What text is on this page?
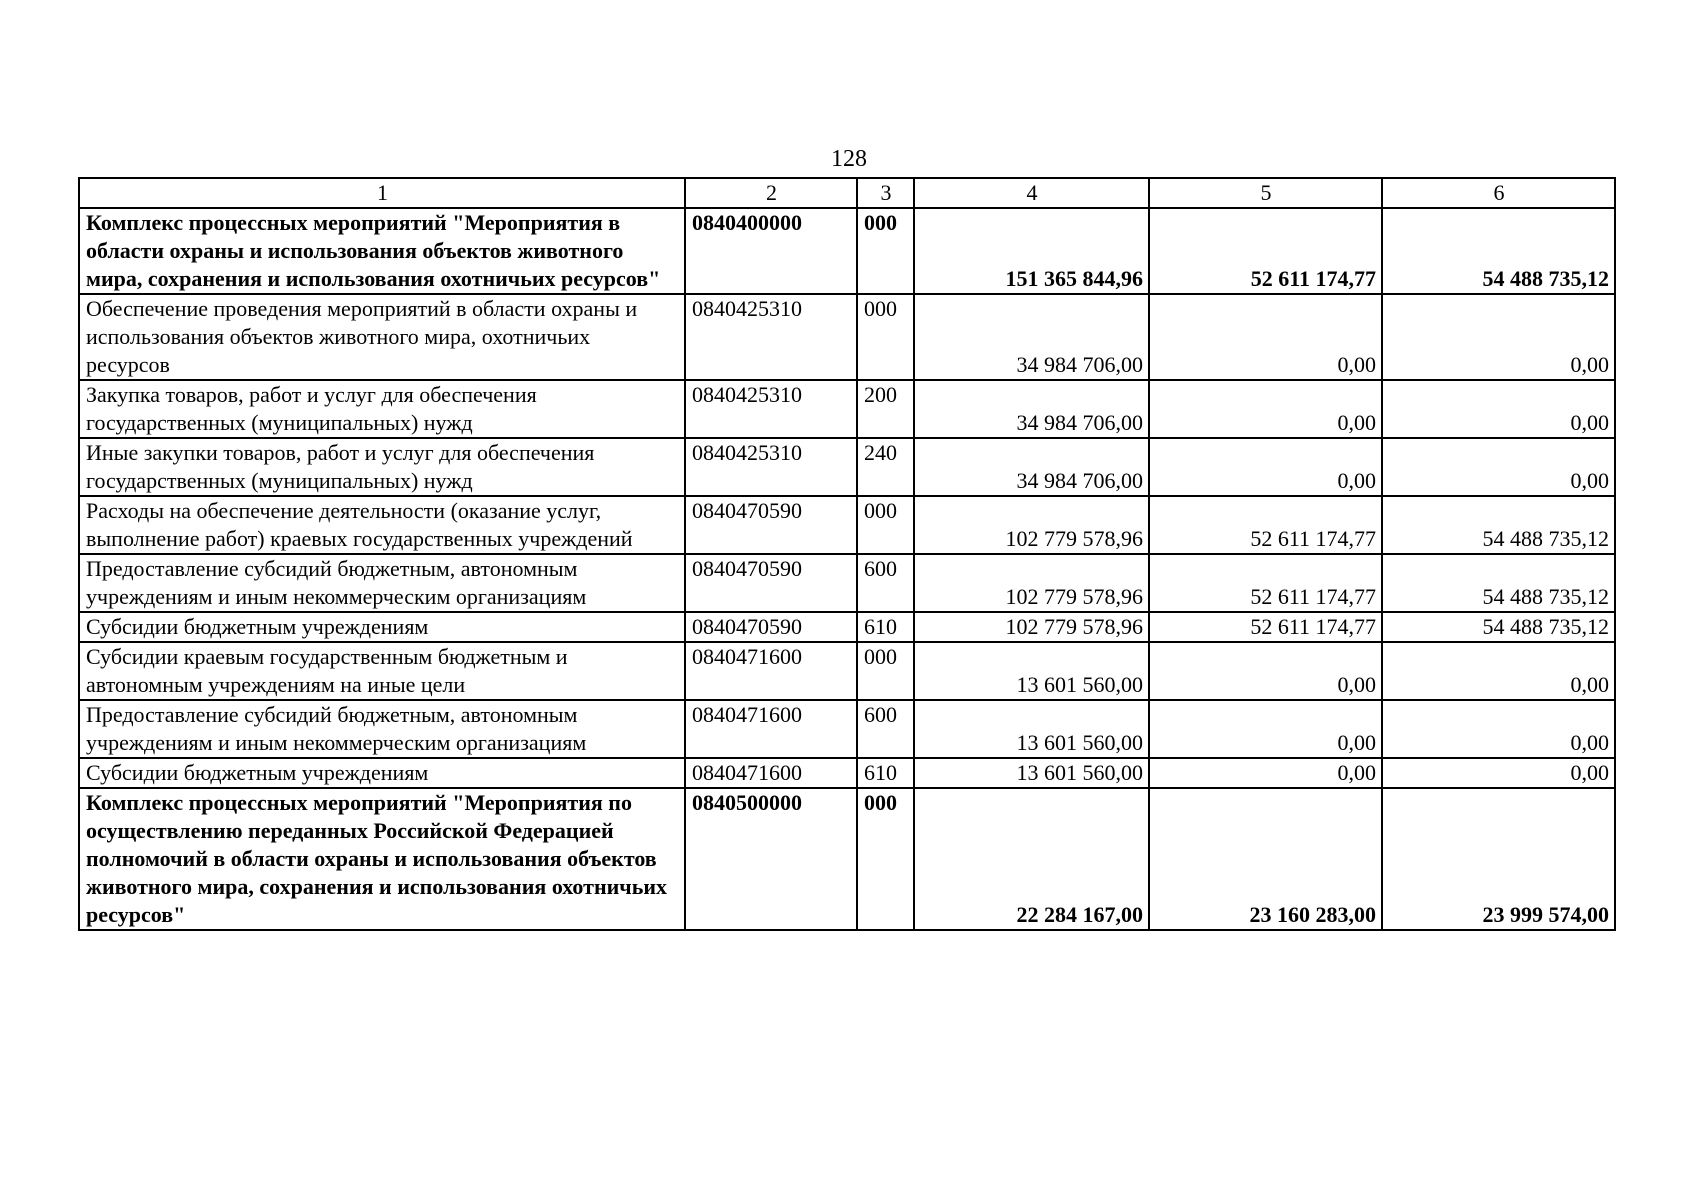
128
1	2	3	4	5	6
Комплекс процессных мероприятий "Мероприятия в области охраны и использования объектов животного мира, сохранения и использования охотничьих ресурсов"	0840400000	000	151 365 844,96	52 611 174,77	54 488 735,12
Обеспечение проведения мероприятий в области охраны и использования объектов животного мира, охотничьих ресурсов	0840425310	000	34 984 706,00	0,00	0,00
Закупка товаров, работ и услуг для обеспечения государственных (муниципальных) нужд	0840425310	200	34 984 706,00	0,00	0,00
Иные закупки товаров, работ и услуг для обеспечения государственных (муниципальных) нужд	0840425310	240	34 984 706,00	0,00	0,00
Расходы на обеспечение деятельности (оказание услуг, выполнение работ) краевых государственных учреждений	0840470590	000	102 779 578,96	52 611 174,77	54 488 735,12
Предоставление субсидий бюджетным, автономным учреждениям и иным некоммерческим организациям	0840470590	600	102 779 578,96	52 611 174,77	54 488 735,12
Субсидии бюджетным учреждениям	0840470590	610	102 779 578,96	52 611 174,77	54 488 735,12
Субсидии краевым государственным бюджетным и автономным учреждениям на иные цели	0840471600	000	13 601 560,00	0,00	0,00
Предоставление субсидий бюджетным, автономным учреждениям и иным некоммерческим организациям	0840471600	600	13 601 560,00	0,00	0,00
Субсидии бюджетным учреждениям	0840471600	610	13 601 560,00	0,00	0,00
Комплекс процессных мероприятий "Мероприятия по осуществлению переданных Российской Федерацией полномочий в области охраны и использования объектов животного мира, сохранения и использования охотничьих ресурсов"	0840500000	000	22 284 167,00	23 160 283,00	23 999 574,00
